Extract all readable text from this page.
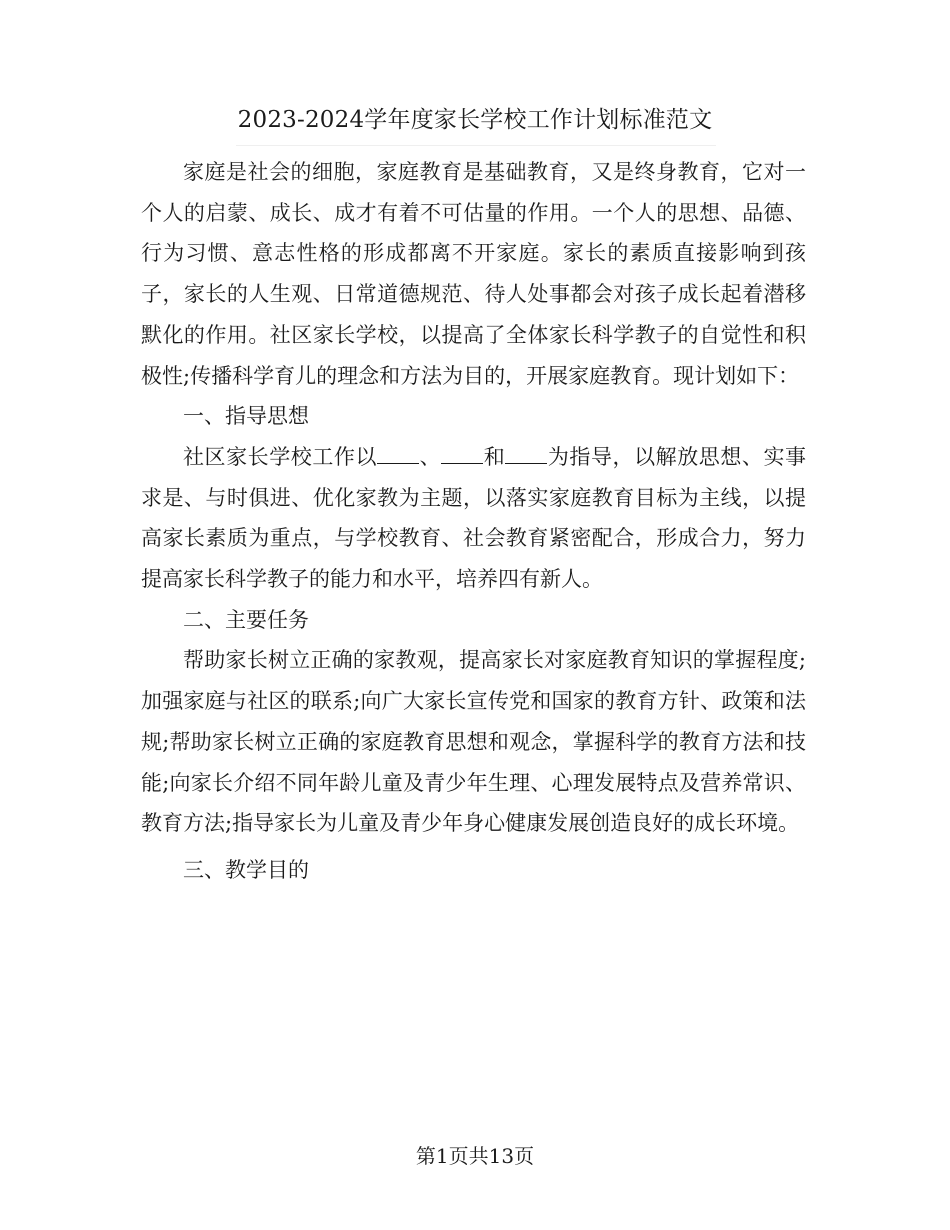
2023-2024学年度家长学校工作计划标准范文

家庭是社会的细胞，家庭教育是基础教育，又是终身教育，它对一个人的启蒙、成长、成才有着不可估量的作用。一个人的思想、品德、行为习惯、意志性格的形成都离不开家庭。家长的素质直接影响到孩子，家长的人生观、日常道德规范、待人处事都会对孩子成长起着潜移默化的作用。社区家长学校，以提高了全体家长科学教子的自觉性和积极性;传播科学育儿的理念和方法为目的，开展家庭教育。现计划如下：

一、指导思想

社区家长学校工作以 、 和 为指导，以解放思想、实事求是、与时俱进、优化家教为主题，以落实家庭教育目标为主线，以提高家长素质为重点，与学校教育、社会教育紧密配合，形成合力，努力提高家长科学教子的能力和水平，培养四有新人。

二、主要任务

帮助家长树立正确的家教观，提高家长对家庭教育知识的掌握程度;加强家庭与社区的联系;向广大家长宣传党和国家的教育方针、政策和法规;帮助家长树立正确的家庭教育思想和观念，掌握科学的教育方法和技能;向家长介绍不同年龄儿童及青少年生理、心理发展特点及营养常识、教育方法;指导家长为儿童及青少年身心健康发展创造良好的成长环境。

三、教学目的

第1页共13页
